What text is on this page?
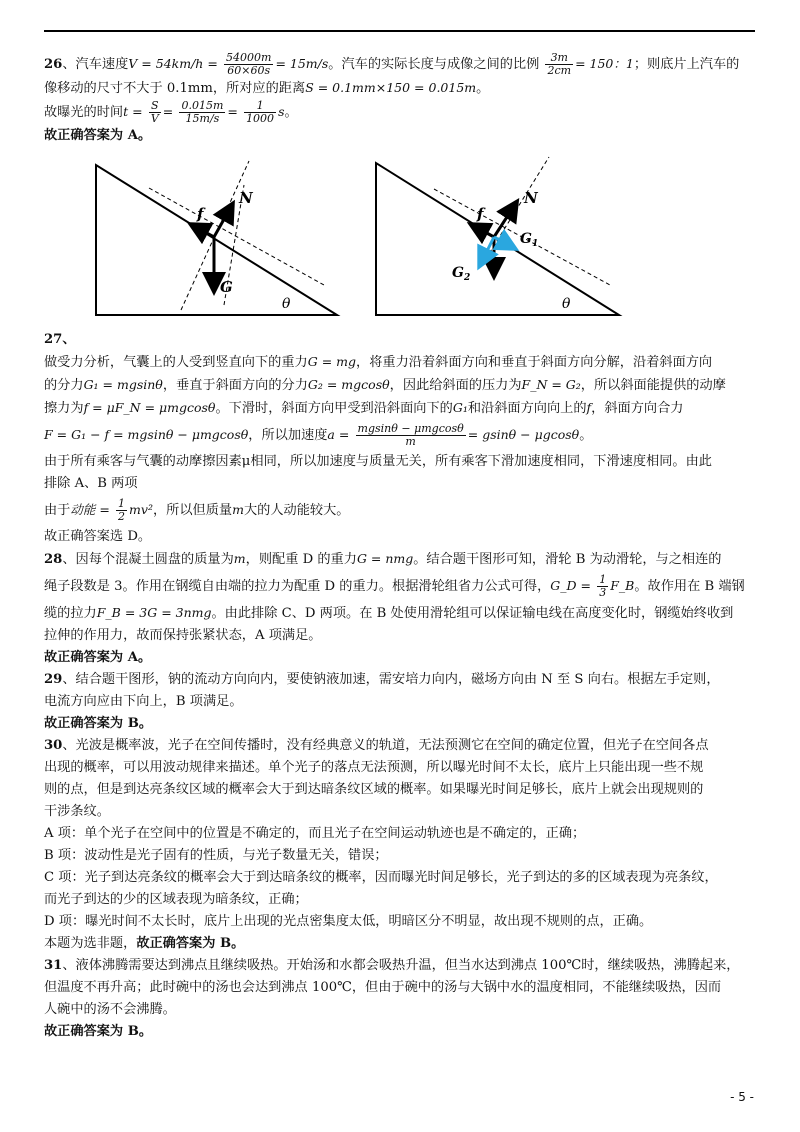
26、汽车速度$V = 54km/h = \frac{54000m}{60\times 60s} = 15m/s$。汽车的实际长度与成像之间的比例 $\frac{3m}{2cm} = 150$：1；则底片上汽车的

像移动的尺寸不大于 0.1mm，所对应的距离S = 0.1mm×150 = 0.015m。

故曝光的时间$t = \frac{S}{V} = \frac{0.015m}{15m/s} = \frac{1}{1000}$ s。

故正确答案为 A。

N
f
G
θ
N
f
$G_1$
$G_2$
θ

27、

做受力分析，气囊上的人受到竖直向下的重力G = mg，将重力沿着斜面方向和垂直于斜面方向分解，沿着斜面方向

的分力G₁ = mgsinθ，垂直于斜面方向的分力G₂ = mgcosθ，因此给斜面的压力为F_N = G₂，所以斜面能提供的动摩

擦力为f = μF_N = μmgcosθ。下滑时，斜面方向甲受到沿斜面向下的G₁和沿斜面方向向上的f，斜面方向合力

F = G₁ − f = mgsinθ − μmgcosθ，所以加速度$a = \frac{\text{mgsinθ − μmgcosθ}}{m} = gsin\theta - \mu gcos\theta$。

由于所有乘客与气囊的动摩擦因素μ相同，所以加速度与质量无关，所有乘客下滑加速度相同，下滑速度相同。由此

排除 A、B 两项

由于动能 = $\frac{1}{2} mv^2$，所以但质量m大的人动能较大。

故正确答案选 D。

28、因每个混凝土圆盘的质量为m，则配重 D 的重力G = nmg。结合题干图形可知，滑轮 B 为动滑轮，与之相连的

绳子段数是 3。作用在钢缆自由端的拉力为配重 D 的重力。根据滑轮组省力公式可得，G_D = $\frac{1}{3}$ F_B。故作用在 B 端钢

缆的拉力F_B = 3G = 3nmg。由此排除 C、D 两项。在 B 处使用滑轮组可以保证输电线在高度变化时，钢缆始终收到

拉伸的作用力，故而保持张紧状态，A 项满足。

故正确答案为 A。

29、结合题干图形，钠的流动方向向内，要使钠液加速，需安培力向内，磁场方向由 N 至 S 向右。根据左手定则，

电流方向应由下向上，B 项满足。

故正确答案为 B。

30、光波是概率波，光子在空间传播时，没有经典意义的轨道，无法预测它在空间的确定位置，但光子在空间各点

出现的概率，可以用波动规律来描述。单个光子的落点无法预测，所以曝光时间不太长，底片上只能出现一些不规

则的点，但是到达亮条纹区域的概率会大于到达暗条纹区域的概率。如果曝光时间足够长，底片上就会出现规则的

干涉条纹。

A 项：单个光子在空间中的位置是不确定的，而且光子在空间运动轨迹也是不确定的，正确；

B 项：波动性是光子固有的性质，与光子数量无关，错误；

C 项：光子到达亮条纹的概率会大于到达暗条纹的概率，因而曝光时间足够长，光子到达的多的区域表现为亮条纹，

而光子到达的少的区域表现为暗条纹，正确；

D 项：曝光时间不太长时，底片上出现的光点密集度太低，明暗区分不明显，故出现不规则的点，正确。

本题为选非题，故正确答案为 B。

31、液体沸腾需要达到沸点且继续吸热。开始汤和水都会吸热升温，但当水达到沸点 100℃时，继续吸热，沸腾起来，

但温度不再升高；此时碗中的汤也会达到沸点 100℃，但由于碗中的汤与大锅中水的温度相同，不能继续吸热，因而

人碗中的汤不会沸腾。

故正确答案为 B。

- 5 -
